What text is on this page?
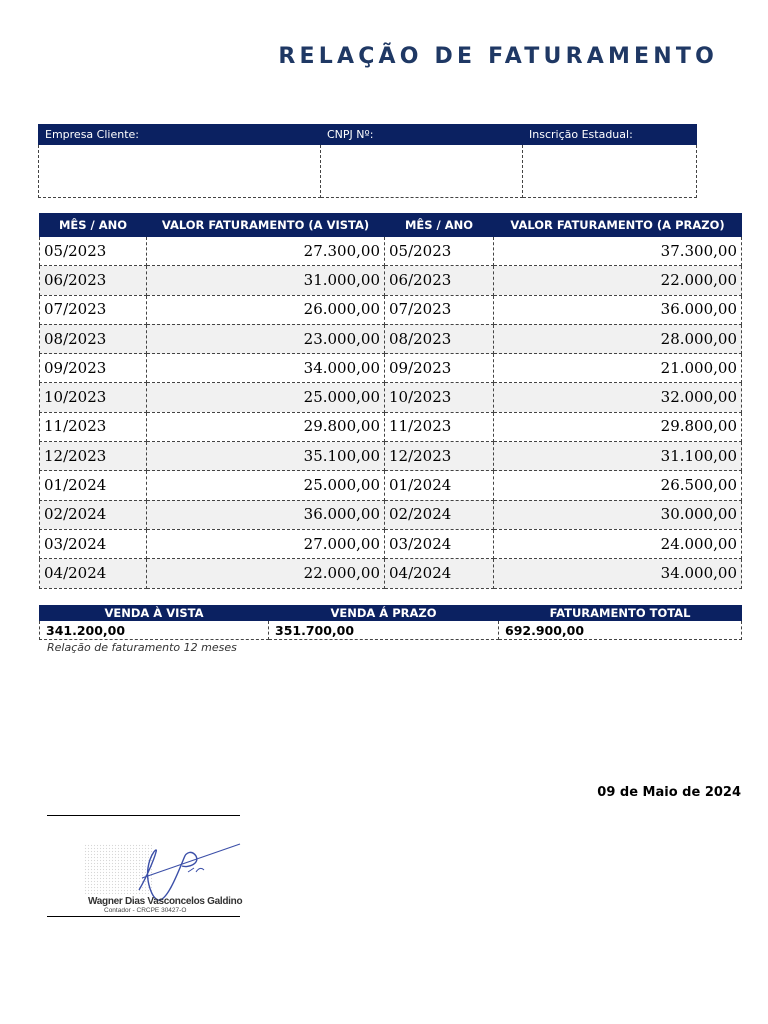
RELAÇÃO DE FATURAMENTO
Empresa Cliente:	CNPJ Nº:	Inscrição Estadual:

MÊS / ANO	VALOR FATURAMENTO (A VISTA)	MÊS / ANO	VALOR FATURAMENTO (A PRAZO)
05/2023	27.300,00	05/2023	37.300,00
06/2023	31.000,00	06/2023	22.000,00
07/2023	26.000,00	07/2023	36.000,00
08/2023	23.000,00	08/2023	28.000,00
09/2023	34.000,00	09/2023	21.000,00
10/2023	25.000,00	10/2023	32.000,00
11/2023	29.800,00	11/2023	29.800,00
12/2023	35.100,00	12/2023	31.100,00
01/2024	25.000,00	01/2024	26.500,00
02/2024	36.000,00	02/2024	30.000,00
03/2024	27.000,00	03/2024	24.000,00
04/2024	22.000,00	04/2024	34.000,00
VENDA À VISTA	VENDA Á PRAZO	FATURAMENTO TOTAL
341.200,00	351.700,00	692.900,00
Relação de faturamento 12 meses
09 de Maio de 2024
Wagner Dias Vasconcelos Galdino
Contador - CRCPE 30427-O
